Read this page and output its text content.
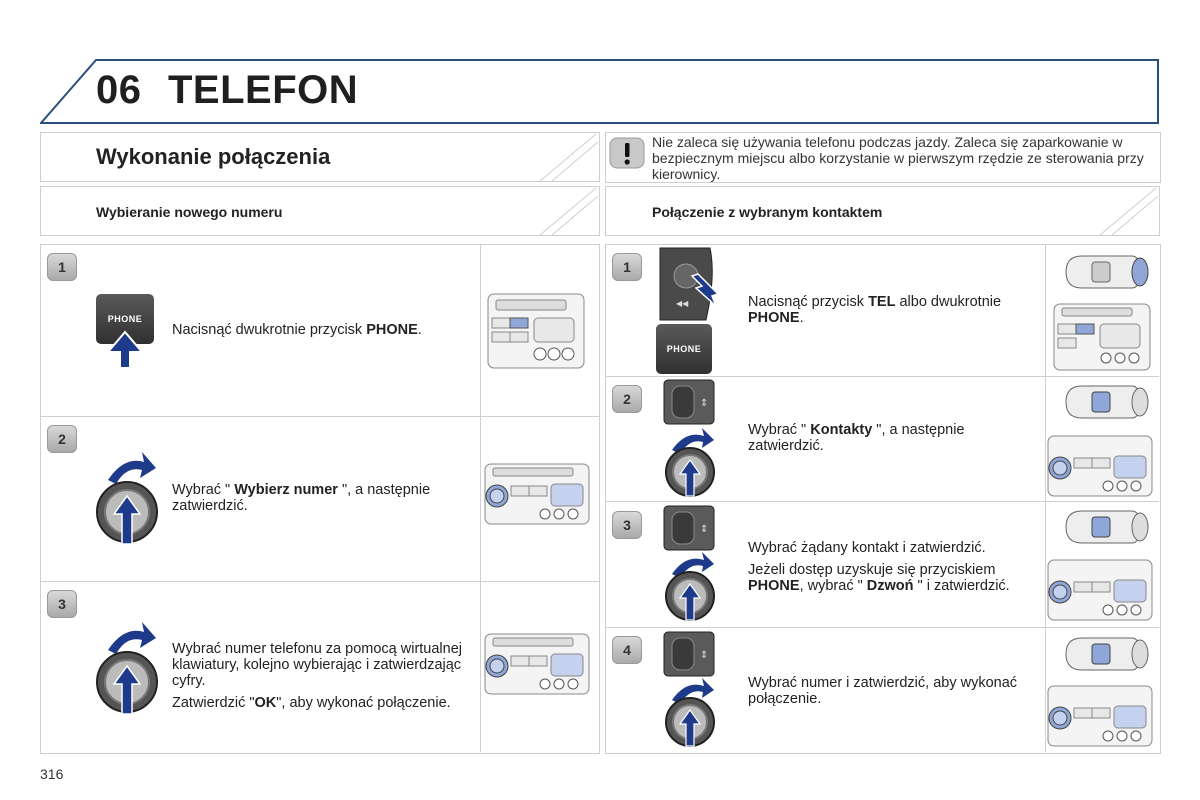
06 TELEFON
Wykonanie połączenia
Nie zaleca się używania telefonu podczas jazdy. Zaleca się zaparkowanie w bezpiecznym miejscu albo korzystanie w pierwszym rzędzie ze sterowania przy kierownicy.
Wybieranie nowego numeru	Połączenie z wybranym kontaktem
1
PHONE
Nacisnąć dwukrotnie przycisk PHONE.
2
Wybrać " Wybierz numer ", a następnie zatwierdzić.
3

Wybrać numer telefonu za pomocą wirtualnej klawiatury, kolejno wybierając i zatwierdzając cyfry.

Zatwierdzić "OK", aby wykonać połączenie.

1
◀◀
PHONE
Nacisnąć przycisk TEL albo dwukrotnie PHONE.
2	⇕
Wybrać " Kontakty ", a następnie zatwierdzić.
3	⇕

Wybrać żądany kontakt i zatwierdzić.

Jeżeli dostęp uzyskuje się przyciskiem PHONE, wybrać " Dzwoń " i zatwierdzić.

4	⇕
Wybrać numer i zatwierdzić, aby wykonać połączenie.
316
